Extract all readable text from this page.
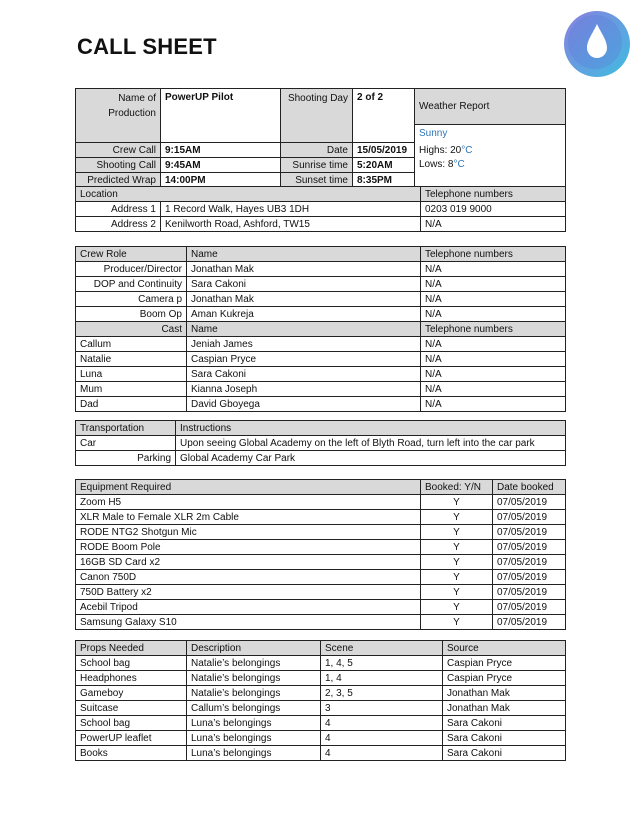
CALL SHEET
Name of Production	PowerUP Pilot	Shooting Day	2 of 2	Weather Report
				Sunny
Crew Call	9:15AM	Date	15/05/2019	Highs: 20°C
Shooting Call	9:45AM	Sunrise time	5:20AM	Lows: 8°C
Predicted Wrap	14:00PM	Sunset time	8:35PM	
Location		Telephone numbers
Address 1	1 Record Walk, Hayes UB3 1DH	0203 019 9000
Address 2	Kenilworth Road, Ashford, TW15	N/A
Crew Role	Name	Telephone numbers
Producer/Director	Jonathan Mak	N/A
DOP and Continuity	Sara Cakoni	N/A
Camera p	Jonathan Mak	N/A
Boom Op	Aman Kukreja	N/A
Cast	Name	Telephone numbers
Callum	Jeniah James	N/A
Natalie	Caspian Pryce	N/A
Luna	Sara Cakoni	N/A
Mum	Kianna Joseph	N/A
Dad	David Gboyega	N/A
Transportation	Instructions
Car	Upon seeing Global Academy on the left of Blyth Road, turn left into the car park
Parking	Global Academy Car Park
Equipment Required	Booked: Y/N	Date booked
Zoom H5	Y	07/05/2019
XLR Male to Female XLR 2m Cable	Y	07/05/2019
RODE NTG2 Shotgun Mic	Y	07/05/2019
RODE Boom Pole	Y	07/05/2019
16GB SD Card x2	Y	07/05/2019
Canon 750D	Y	07/05/2019
750D Battery x2	Y	07/05/2019
Acebil Tripod	Y	07/05/2019
Samsung Galaxy S10	Y	07/05/2019
Props Needed	Description	Scene	Source
School bag	Natalie’s belongings	1, 4, 5	Caspian Pryce
Headphones	Natalie’s belongings	1, 4	Caspian Pryce
Gameboy	Natalie’s belongings	2, 3, 5	Jonathan Mak
Suitcase	Callum’s belongings	3	Jonathan Mak
School bag	Luna’s belongings	4	Sara Cakoni
PowerUP leaflet	Luna’s belongings	4	Sara Cakoni
Books	Luna’s belongings	4	Sara Cakoni
